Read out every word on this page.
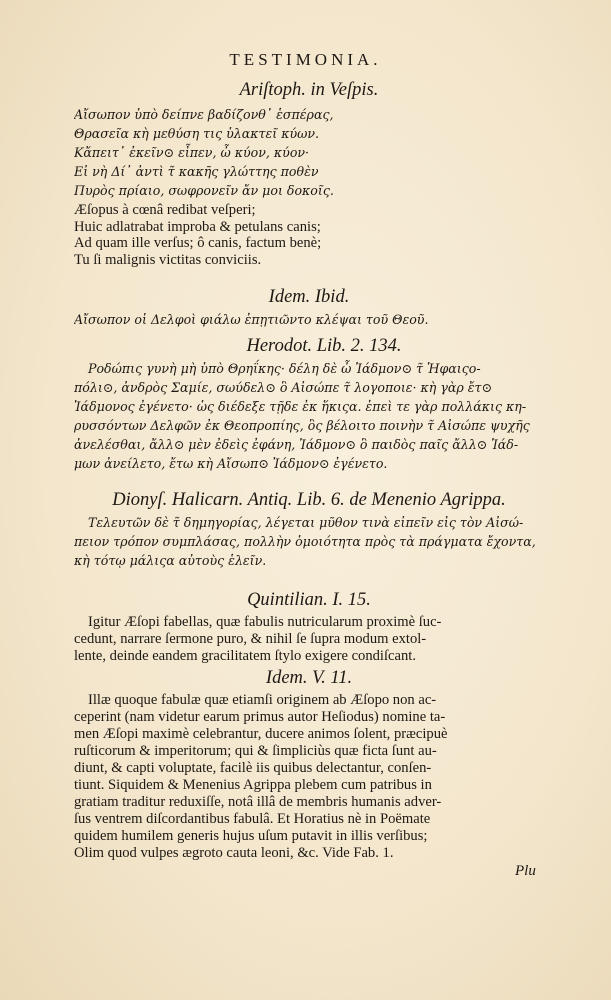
TESTIMONIA.

Ariſtoph. in Veſpis.

Αἴσωπον ὑπὸ δείπνε βαδίζονθ᾽ ἑσπέρας,
Θρασεῖα κὴ μεθύση τις ὑλακτεῖ κύων.
Κἄπειτ᾽ ἐκεῖν⊙ εἶπεν, ὦ κύον, κύον·
Εἰ νὴ Δί᾽ ἀντὶ τ̃ κακῆς γλώττης ποθὲν
Πυρὸς πρίαιο, σωφρονεῖν ἄν μοι δοκοῖς.
Æſopus à cœnâ redibat veſperi;
Huic adlatrabat improba & petulans canis;
Ad quam ille verſus; ô canis, factum benè;
Tu ſi malignis victitas conviciis.

Idem. Ibid.

Αἴσωπον οἱ Δελφοὶ φιάλω ἐπῃτιῶντο κλέψαι τοῦ Θεοῦ.

Herodot. Lib. 2. 134.

Ροδώπις γυνὴ μὴ ὑπὸ Θρηΐκης· δέλη δὲ ὦ Ἰάδμον⊙ τ̃ Ἡφαιςο-
πόλι⊙, ἀνδρὸς Σαμίε, σωύδελ⊙ ὃ Αἰσώπε τ̃ λογοποιε· κὴ γὰρ ἔτ⊙
Ἰάδμονος ἐγένετο· ὡς διέδεξε τῇδε ἐκ ἥκιςα. ἐπεὶ τε γὰρ πολλάκις κη-
ρυσσόντων Δελφῶν ἐκ Θεοπροπίης, ὃς βέλοιτο ποινὴν τ̃ Αἰσώπε ψυχῆς
ἀνελέσθαι, ἄλλ⊙ μὲν ἐδεὶς ἐφάνη, Ἰάδμον⊙ ὃ παιδὸς παῖς ἄλλ⊙ Ἰάδ-
μων ἀνείλετο, ἔτω κὴ Αἴσωπ⊙ Ἰάδμον⊙ ἐγένετο.

Dionyſ. Halicarn. Antiq. Lib. 6. de Menenio Agrippa.

Τελευτῶν δὲ τ̃ δημηγορίας, λέγεται μῦθον τινὰ εἰπεῖν εἰς τὸν Αἰσώ-
πειον τρόπον συμπλάσας, πολλὴν ὁμοιότητα πρὸς τὰ πράγματα ἔχοντα,
κὴ τότῳ μάλιςα αὐτοὺς ἑλεῖν.

Quintilian. I. 15.

Igitur Æſopi fabellas, quæ fabulis nutricularum proximè ſuc-
cedunt, narrare ſermone puro, & nihil ſe ſupra modum extol-
lente, deinde eandem gracilitatem ſtylo exigere condiſcant.

Idem. V. 11.

Illæ quoque fabulæ quæ etiamſi originem ab Æſopo non ac-
ceperint (nam videtur earum primus autor Heſiodus) nomine ta-
men Æſopi maximè celebrantur, ducere animos ſolent, præcipuè
ruſticorum & imperitorum; qui & ſimpliciùs quæ ficta ſunt au-
diunt, & capti voluptate, facilè iis quibus delectantur, conſen-
tiunt. Siquidem & Menenius Agrippa plebem cum patribus in
gratiam traditur reduxiſſe, notâ illâ de membris humanis adver-
ſus ventrem diſcordantibus fabulâ. Et Horatius nè in Poëmate
quidem humilem generis hujus uſum putavit in illis verſibus;
Olim quod vulpes ægroto cauta leoni, &c. Vide Fab. 1.
Plu
